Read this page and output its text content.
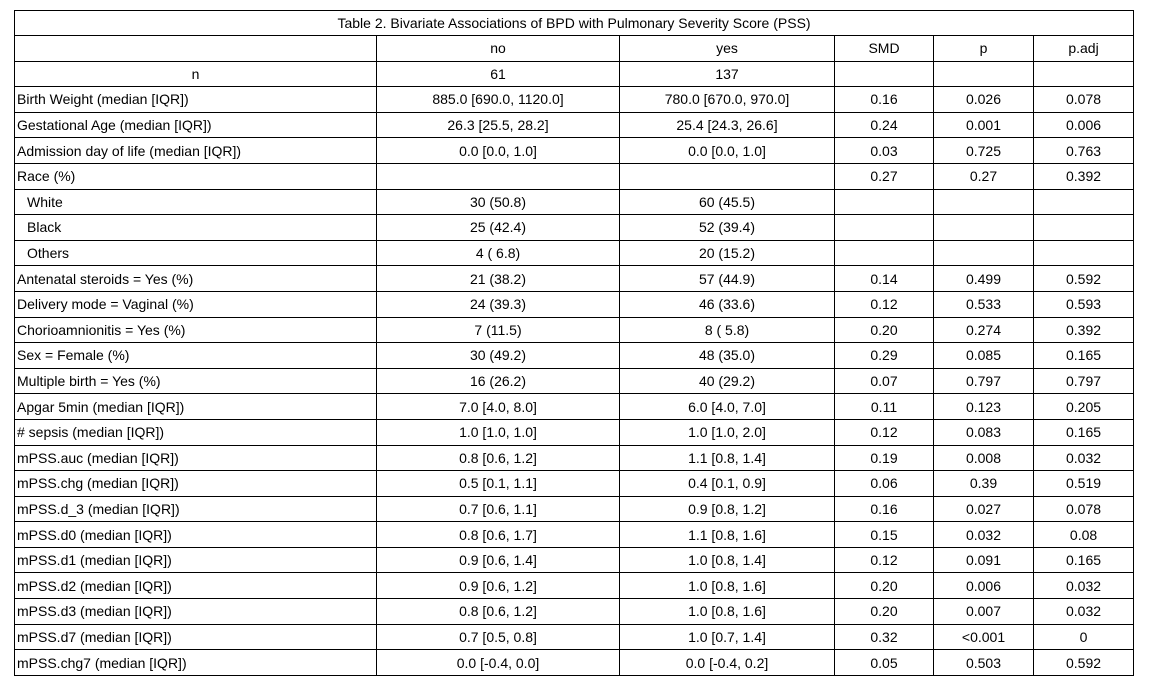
Table 2. Bivariate Associations of BPD with Pulmonary Severity Score (PSS)					
	no	yes	SMD	p	p.adj
n	61	137			
Birth Weight (median [IQR])	885.0 [690.0, 1120.0]	780.0 [670.0, 970.0]	0.16	0.026	0.078
Gestational Age (median [IQR])	26.3 [25.5, 28.2]	25.4 [24.3, 26.6]	0.24	0.001	0.006
Admission day of life (median [IQR])	0.0 [0.0, 1.0]	0.0 [0.0, 1.0]	0.03	0.725	0.763
Race (%)			0.27	0.27	0.392
White	30 (50.8)	60 (45.5)			
Black	25 (42.4)	52 (39.4)			
Others	4 ( 6.8)	20 (15.2)			
Antenatal steroids = Yes (%)	21 (38.2)	57 (44.9)	0.14	0.499	0.592
Delivery mode = Vaginal (%)	24 (39.3)	46 (33.6)	0.12	0.533	0.593
Chorioamnionitis = Yes (%)	7 (11.5)	8 ( 5.8)	0.20	0.274	0.392
Sex = Female (%)	30 (49.2)	48 (35.0)	0.29	0.085	0.165
Multiple birth = Yes (%)	16 (26.2)	40 (29.2)	0.07	0.797	0.797
Apgar 5min (median [IQR])	7.0 [4.0, 8.0]	6.0 [4.0, 7.0]	0.11	0.123	0.205
# sepsis (median [IQR])	1.0 [1.0, 1.0]	1.0 [1.0, 2.0]	0.12	0.083	0.165
mPSS.auc (median [IQR])	0.8 [0.6, 1.2]	1.1 [0.8, 1.4]	0.19	0.008	0.032
mPSS.chg (median [IQR])	0.5 [0.1, 1.1]	0.4 [0.1, 0.9]	0.06	0.39	0.519
mPSS.d_3 (median [IQR])	0.7 [0.6, 1.1]	0.9 [0.8, 1.2]	0.16	0.027	0.078
mPSS.d0 (median [IQR])	0.8 [0.6, 1.7]	1.1 [0.8, 1.6]	0.15	0.032	0.08
mPSS.d1 (median [IQR])	0.9 [0.6, 1.4]	1.0 [0.8, 1.4]	0.12	0.091	0.165
mPSS.d2 (median [IQR])	0.9 [0.6, 1.2]	1.0 [0.8, 1.6]	0.20	0.006	0.032
mPSS.d3 (median [IQR])	0.8 [0.6, 1.2]	1.0 [0.8, 1.6]	0.20	0.007	0.032
mPSS.d7 (median [IQR])	0.7 [0.5, 0.8]	1.0 [0.7, 1.4]	0.32	<0.001	0
mPSS.chg7 (median [IQR])	0.0 [-0.4, 0.0]	0.0 [-0.4, 0.2]	0.05	0.503	0.592
